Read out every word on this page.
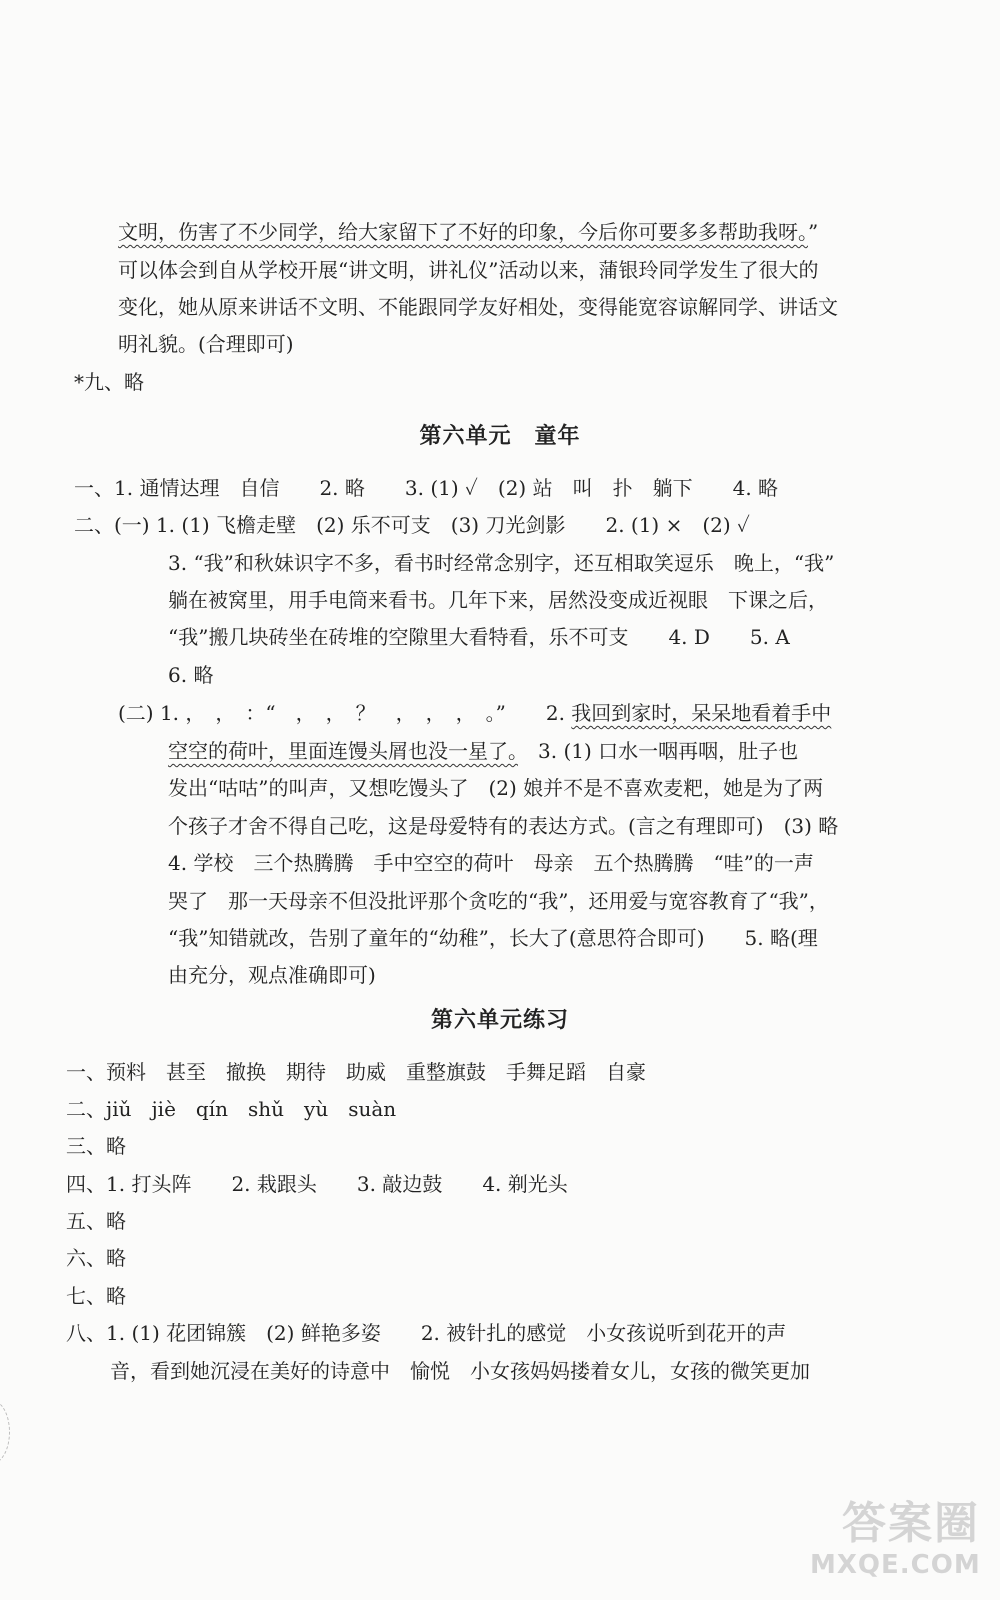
文明，伤害了不少同学，给大家留下了不好的印象，今后你可要多多帮助我呀。”
可以体会到自从学校开展“讲文明，讲礼仪”活动以来，蒲银玲同学发生了很大的
变化，她从原来讲话不文明、不能跟同学友好相处，变得能宽容谅解同学、讲话文
明礼貌。(合理即可)
*九、略
第六单元　童年
一、1. 通情达理　自信　　2. 略　　3. (1) ✓　(2) 站　叫　扑　躺下　　4. 略
二、(一) 1. (1) 飞檐走壁　(2) 乐不可支　(3) 刀光剑影　　2. (1) ×　(2) ✓
3. “我”和秋妹识字不多，看书时经常念别字，还互相取笑逗乐　晚上，“我”
躺在被窝里，用手电筒来看书。几年下来，居然没变成近视眼　下课之后，
“我”搬几块砖坐在砖堆的空隙里大看特看，乐不可支　　4. D　　5. A
6. 略
(二) 1. ，　，　：“　，　，　？　，　，　，　。”　　2. 我回到家时，呆呆地看着手中
空空的荷叶，里面连馒头屑也没一星了。　3. (1) 口水一咽再咽，肚子也
发出“咕咕”的叫声，又想吃馒头了　(2) 娘并不是不喜欢麦粑，她是为了两
个孩子才舍不得自己吃，这是母爱特有的表达方式。(言之有理即可)　(3) 略
4. 学校　三个热腾腾　手中空空的荷叶　母亲　五个热腾腾　“哇”的一声
哭了　那一天母亲不但没批评那个贪吃的“我”，还用爱与宽容教育了“我”，
“我”知错就改，告别了童年的“幼稚”，长大了(意思符合即可)　　5. 略(理
由充分，观点准确即可)
第六单元练习
一、预料　甚至　撤换　期待　助威　重整旗鼓　手舞足蹈　自豪
二、jiǔ　jiè　qín　shǔ　yù　suàn
三、略
四、1. 打头阵　　2. 栽跟头　　3. 敲边鼓　　4. 剃光头
五、略
六、略
七、略
八、1. (1) 花团锦簇　(2) 鲜艳多姿　　2. 被针扎的感觉　小女孩说听到花开的声
音，看到她沉浸在美好的诗意中　愉悦　小女孩妈妈搂着女儿，女孩的微笑更加
答案圈
MXQE.COM
